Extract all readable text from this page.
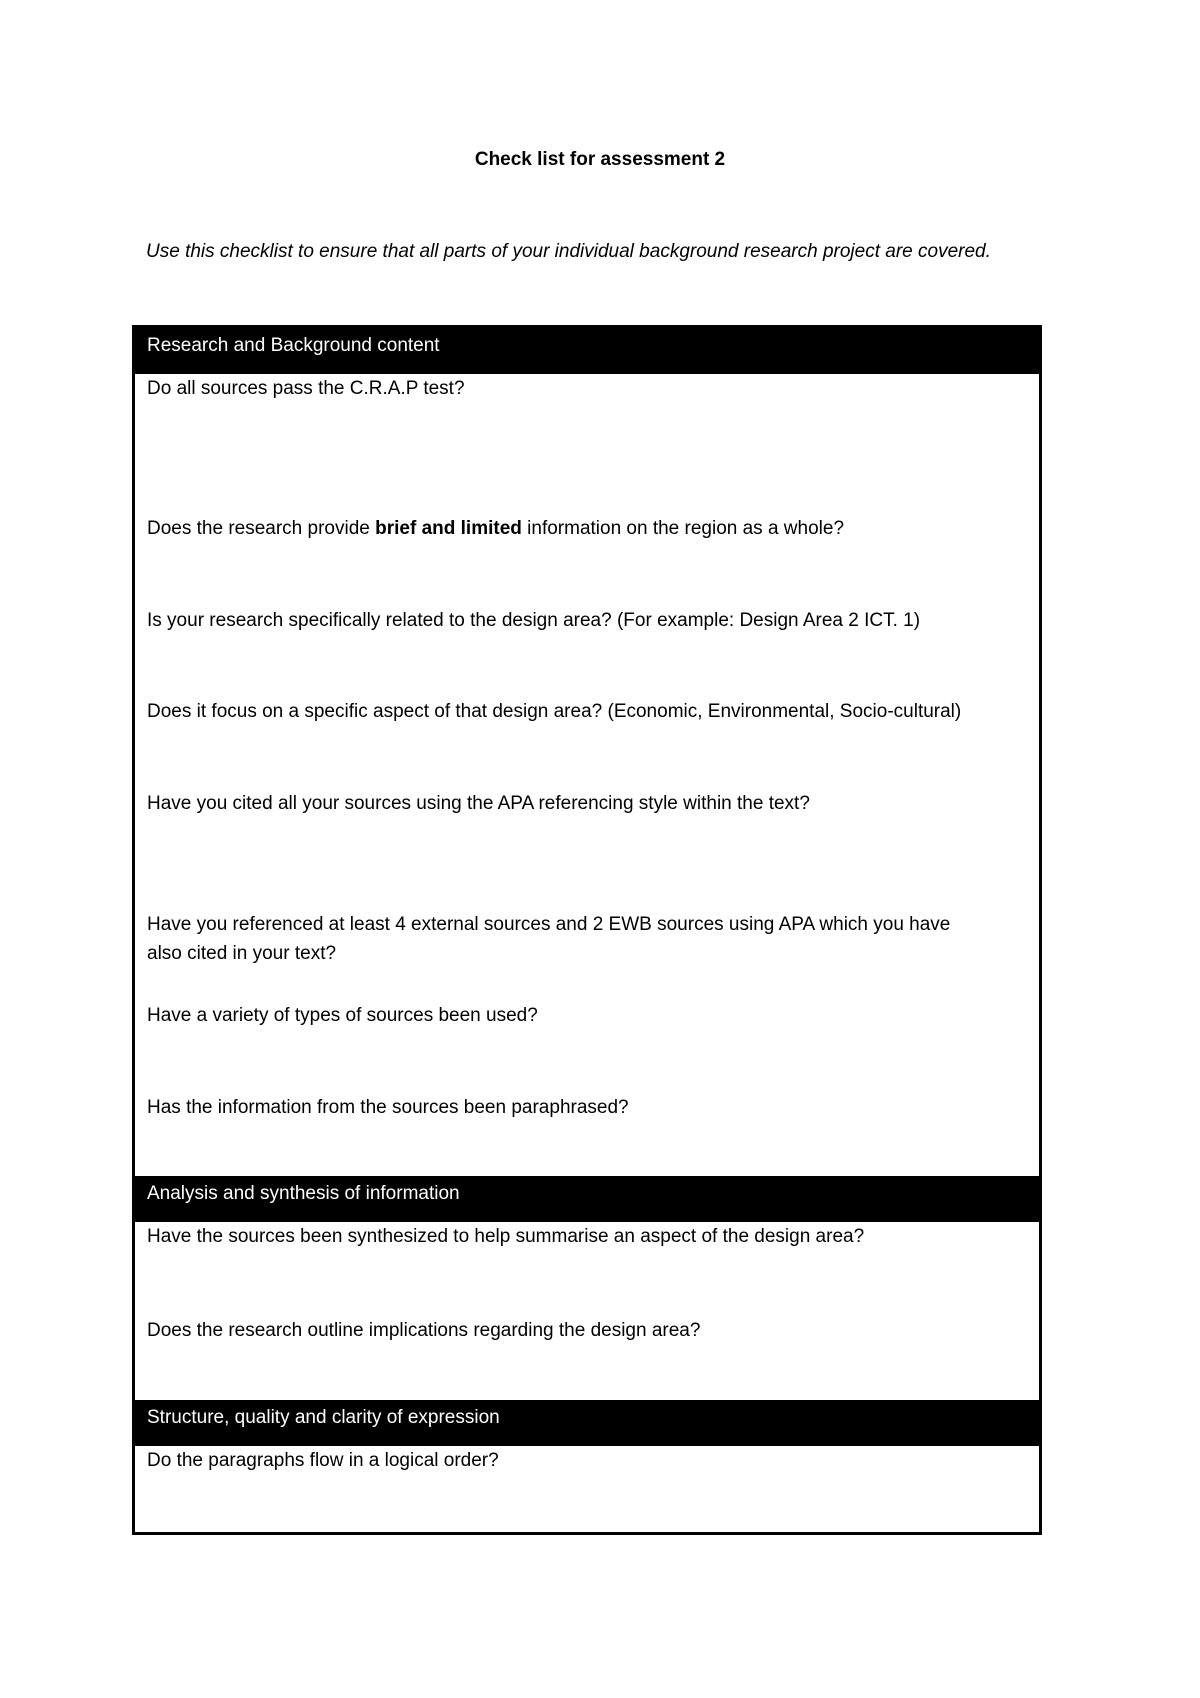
Check list for assessment 2
Use this checklist to ensure that all parts of your individual background research project are covered.
Research and Background content
Does the research provide brief and limited information on the region as a whole?
Is your research specifically related to the design area? (For example: Design Area 2 ICT. 1)
Does it focus on a specific aspect of that design area? (Economic, Environmental, Socio-cultural)
Have you cited all your sources using the APA referencing style within the text?
Have you referenced at least 4 external sources and 2 EWB sources using APA which you have also cited in your text?
Have a variety of types of sources been used?
Has the information from the sources been paraphrased?
Do all sources pass the C.R.A.P test?
Analysis and synthesis of information
Does the research outline implications regarding the design area?
Have the sources been synthesized to help summarise an aspect of the design area?
Structure, quality and clarity of expression
Do the paragraphs flow in a logical order?
